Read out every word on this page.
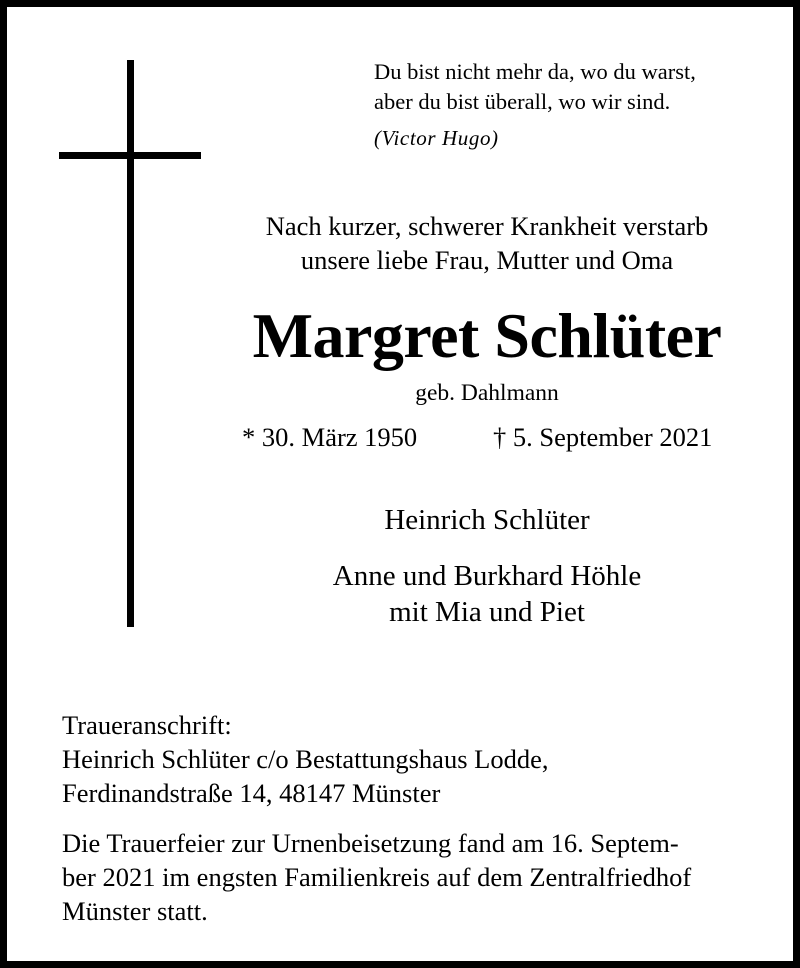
Du bist nicht mehr da, wo du warst,
aber du bist überall, wo wir sind.
(Victor Hugo)
Nach kurzer, schwerer Krankheit verstarb
unsere liebe Frau, Mutter und Oma
Margret Schlüter
geb. Dahlmann
* 30. März 1950	† 5. September 2021
Heinrich Schlüter
Anne und Burkhard Höhle
mit Mia und Piet
Traueranschrift:
Heinrich Schlüter c/o Bestattungshaus Lodde,
Ferdinandstraße 14, 48147 Münster
Die Trauerfeier zur Urnenbeisetzung fand am 16. Septem-
ber 2021 im engsten Familienkreis auf dem Zentralfriedhof
Münster statt.
